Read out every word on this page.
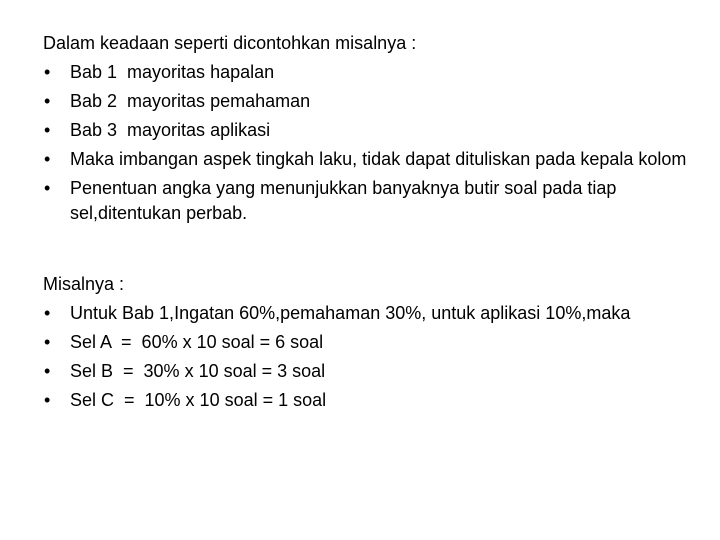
Dalam keadaan seperti dicontohkan misalnya :

•	Bab 1  mayoritas hapalan
•	Bab 2  mayoritas pemahaman
•	Bab 3  mayoritas aplikasi
•	Maka imbangan aspek tingkah laku, tidak dapat dituliskan pada kepala kolom
•	Penentuan angka yang menunjukkan banyaknya butir soal pada tiap sel,ditentukan perbab.

Misalnya :

•	Untuk Bab 1,Ingatan 60%,pemahaman 30%, untuk aplikasi 10%,maka
•	Sel A  =  60% x 10 soal = 6 soal
•	Sel B  =  30% x 10 soal = 3 soal
•	Sel C  =  10% x 10 soal = 1 soal
